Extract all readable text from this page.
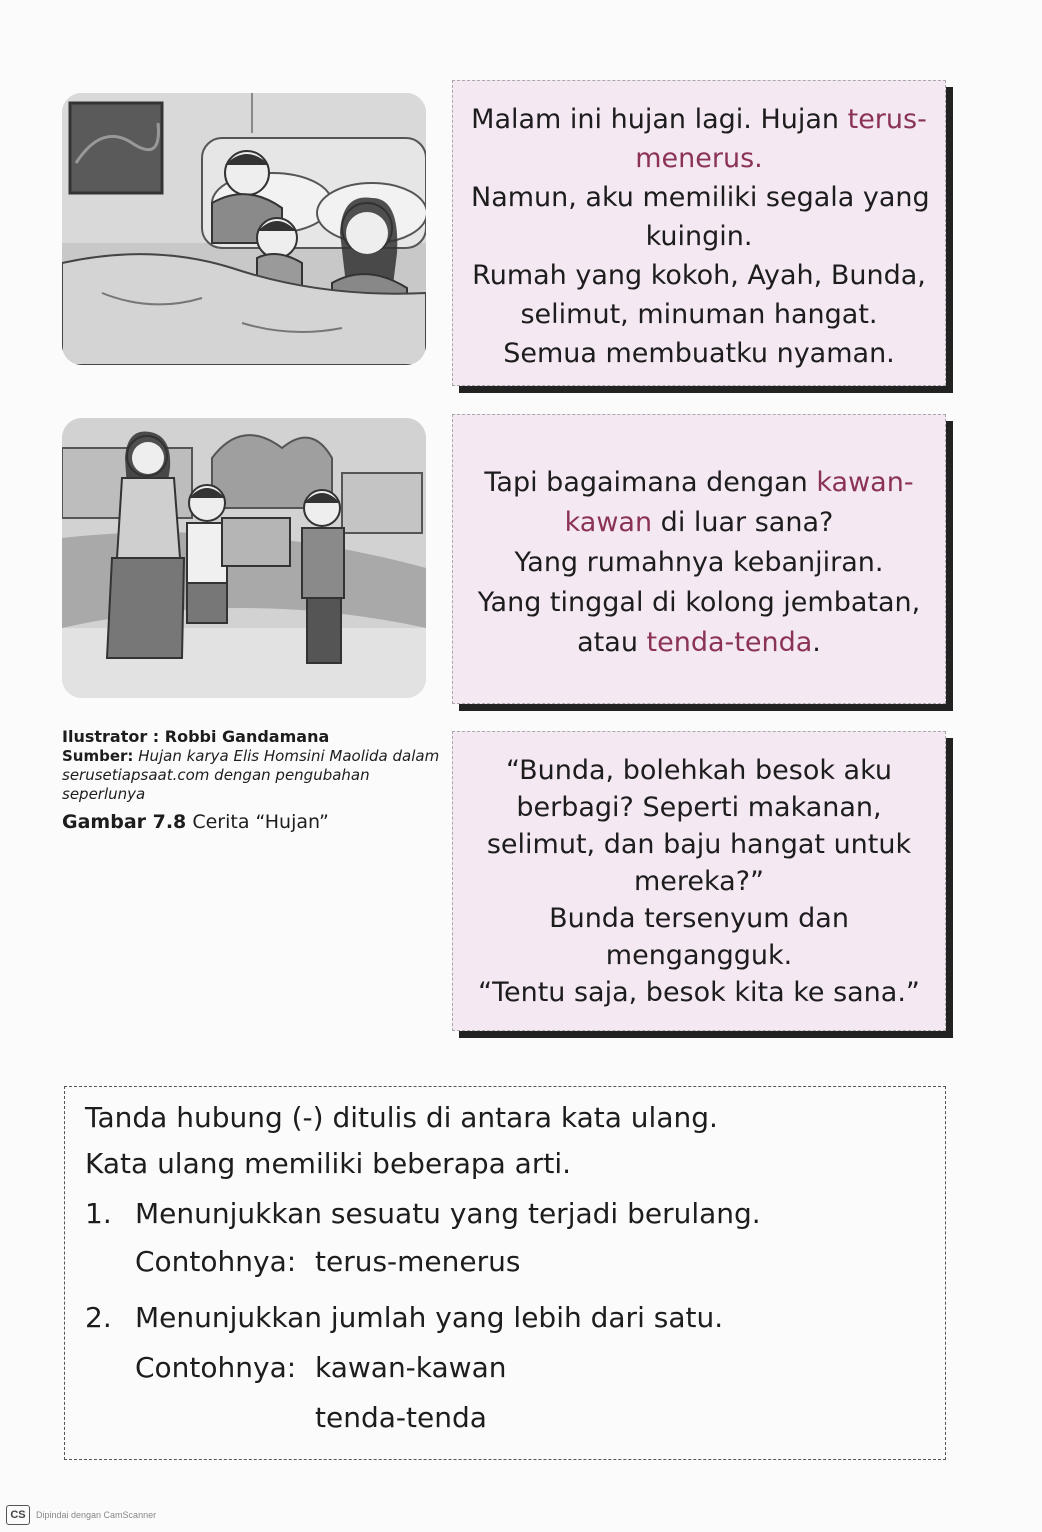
Malam ini hujan lagi. Hujan terus-
menerus.
Namun, aku memiliki segala yang
kuingin.
Rumah yang kokoh, Ayah, Bunda,
selimut, minuman hangat.
Semua membuatku nyaman.
Tapi bagaimana dengan kawan-
kawan di luar sana?
Yang rumahnya kebanjiran.
Yang tinggal di kolong jembatan,
atau tenda-tenda.
Ilustrator : Robbi Gandamana
Sumber: Hujan karya Elis Homsini Maolida dalam serusetiapsaat.com dengan pengubahan seperlunya
Gambar 7.8 Cerita “Hujan”
“Bunda, bolehkah besok aku
berbagi? Seperti makanan,
selimut, dan baju hangat untuk
mereka?”
Bunda tersenyum dan
mengangguk.
“Tentu saja, besok kita ke sana.”
Tanda hubung (-) ditulis di antara kata ulang.
Kata ulang memiliki beberapa arti.
1. Menunjukkan sesuatu yang terjadi berulang.
Contohnya: terus-menerus
2. Menunjukkan jumlah yang lebih dari satu.
Contohnya: kawan-kawan
tenda-tenda
CS	Dipindai dengan CamScanner
